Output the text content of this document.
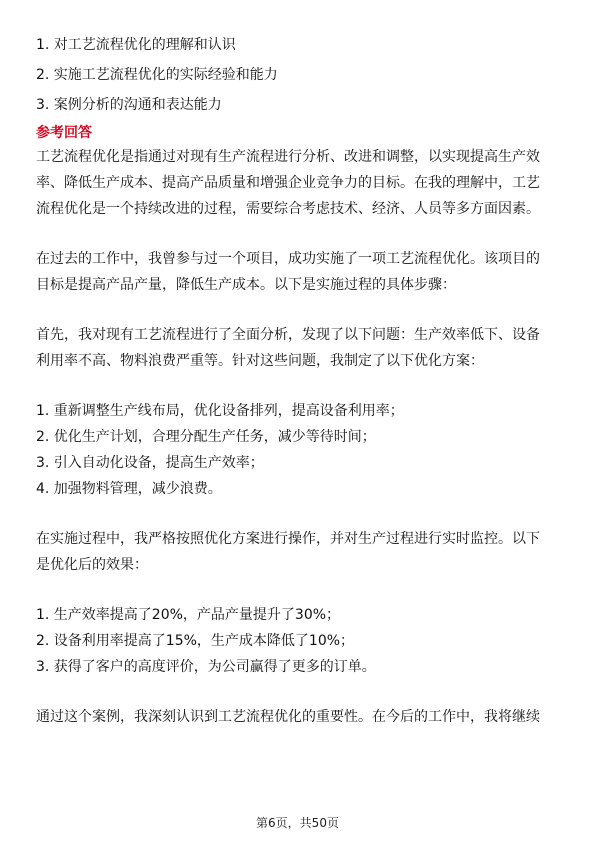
1. 对工艺流程优化的理解和认识
2. 实施工艺流程优化的实际经验和能力
3. 案例分析的沟通和表达能力
参考回答
工艺流程优化是指通过对现有生产流程进行分析、改进和调整，以实现提高生产效
率、降低生产成本、提高产品质量和增强企业竞争力的目标。在我的理解中，工艺
流程优化是一个持续改进的过程，需要综合考虑技术、经济、人员等多方面因素。
在过去的工作中，我曾参与过一个项目，成功实施了一项工艺流程优化。该项目的
目标是提高产品产量，降低生产成本。以下是实施过程的具体步骤：
首先，我对现有工艺流程进行了全面分析，发现了以下问题：生产效率低下、设备
利用率不高、物料浪费严重等。针对这些问题，我制定了以下优化方案：
1. 重新调整生产线布局，优化设备排列，提高设备利用率；
2. 优化生产计划，合理分配生产任务，减少等待时间；
3. 引入自动化设备，提高生产效率；
4. 加强物料管理，减少浪费。
在实施过程中，我严格按照优化方案进行操作，并对生产过程进行实时监控。以下
是优化后的效果：
1. 生产效率提高了20%，产品产量提升了30%；
2. 设备利用率提高了15%，生产成本降低了10%；
3. 获得了客户的高度评价，为公司赢得了更多的订单。
通过这个案例，我深刻认识到工艺流程优化的重要性。在今后的工作中，我将继续
第6页，共50页
